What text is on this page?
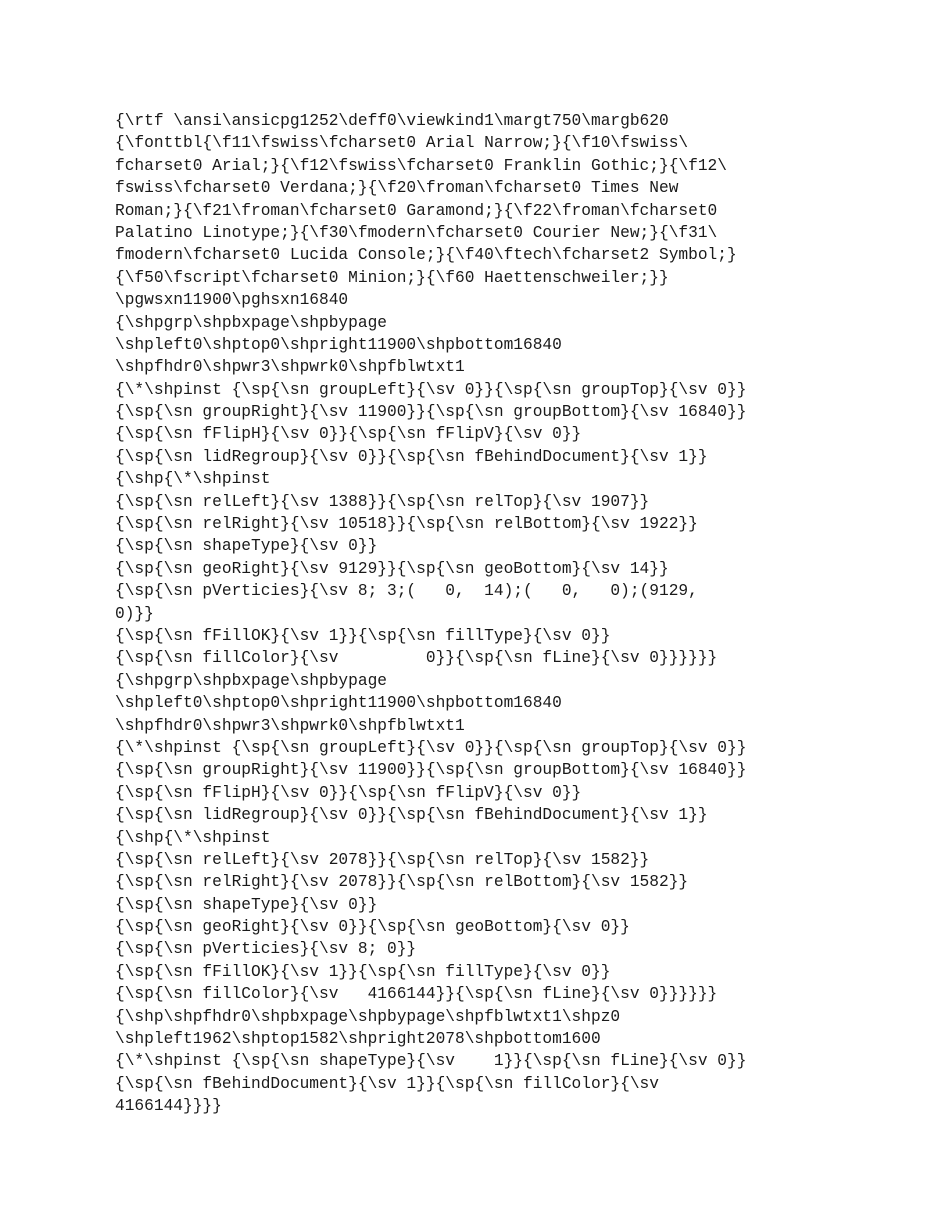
{\rtf \ansi\ansicpg1252\deff0\viewkind1\margt750\margb620
{\fonttbl{\f11\fswiss\fcharset0 Arial Narrow;}{\f10\fswiss\
fcharset0 Arial;}{\f12\fswiss\fcharset0 Franklin Gothic;}{\f12\
fswiss\fcharset0 Verdana;}{\f20\froman\fcharset0 Times New
Roman;}{\f21\froman\fcharset0 Garamond;}{\f22\froman\fcharset0
Palatino Linotype;}{\f30\fmodern\fcharset0 Courier New;}{\f31\
fmodern\fcharset0 Lucida Console;}{\f40\ftech\fcharset2 Symbol;}
{\f50\fscript\fcharset0 Minion;}{\f60 Haettenschweiler;}}
\pgwsxn11900\pghsxn16840
{\shpgrp\shpbxpage\shpbypage
\shpleft0\shptop0\shpright11900\shpbottom16840
\shpfhdr0\shpwr3\shpwrk0\shpfblwtxt1
{\*\shpinst {\sp{\sn groupLeft}{\sv 0}}{\sp{\sn groupTop}{\sv 0}}
{\sp{\sn groupRight}{\sv 11900}}{\sp{\sn groupBottom}{\sv 16840}}
{\sp{\sn fFlipH}{\sv 0}}{\sp{\sn fFlipV}{\sv 0}}
{\sp{\sn lidRegroup}{\sv 0}}{\sp{\sn fBehindDocument}{\sv 1}}
{\shp{\*\shpinst
{\sp{\sn relLeft}{\sv 1388}}{\sp{\sn relTop}{\sv 1907}}
{\sp{\sn relRight}{\sv 10518}}{\sp{\sn relBottom}{\sv 1922}}
{\sp{\sn shapeType}{\sv 0}}
{\sp{\sn geoRight}{\sv 9129}}{\sp{\sn geoBottom}{\sv 14}}
{\sp{\sn pVerticies}{\sv 8; 3;(   0,  14);(   0,   0);(9129,
0)}}
{\sp{\sn fFillOK}{\sv 1}}{\sp{\sn fillType}{\sv 0}}
{\sp{\sn fillColor}{\sv         0}}{\sp{\sn fLine}{\sv 0}}}}}}
{\shpgrp\shpbxpage\shpbypage
\shpleft0\shptop0\shpright11900\shpbottom16840
\shpfhdr0\shpwr3\shpwrk0\shpfblwtxt1
{\*\shpinst {\sp{\sn groupLeft}{\sv 0}}{\sp{\sn groupTop}{\sv 0}}
{\sp{\sn groupRight}{\sv 11900}}{\sp{\sn groupBottom}{\sv 16840}}
{\sp{\sn fFlipH}{\sv 0}}{\sp{\sn fFlipV}{\sv 0}}
{\sp{\sn lidRegroup}{\sv 0}}{\sp{\sn fBehindDocument}{\sv 1}}
{\shp{\*\shpinst
{\sp{\sn relLeft}{\sv 2078}}{\sp{\sn relTop}{\sv 1582}}
{\sp{\sn relRight}{\sv 2078}}{\sp{\sn relBottom}{\sv 1582}}
{\sp{\sn shapeType}{\sv 0}}
{\sp{\sn geoRight}{\sv 0}}{\sp{\sn geoBottom}{\sv 0}}
{\sp{\sn pVerticies}{\sv 8; 0}}
{\sp{\sn fFillOK}{\sv 1}}{\sp{\sn fillType}{\sv 0}}
{\sp{\sn fillColor}{\sv   4166144}}{\sp{\sn fLine}{\sv 0}}}}}}
{\shp\shpfhdr0\shpbxpage\shpbypage\shpfblwtxt1\shpz0
\shpleft1962\shptop1582\shpright2078\shpbottom1600
{\*\shpinst {\sp{\sn shapeType}{\sv    1}}{\sp{\sn fLine}{\sv 0}}
{\sp{\sn fBehindDocument}{\sv 1}}{\sp{\sn fillColor}{\sv
4166144}}}}
